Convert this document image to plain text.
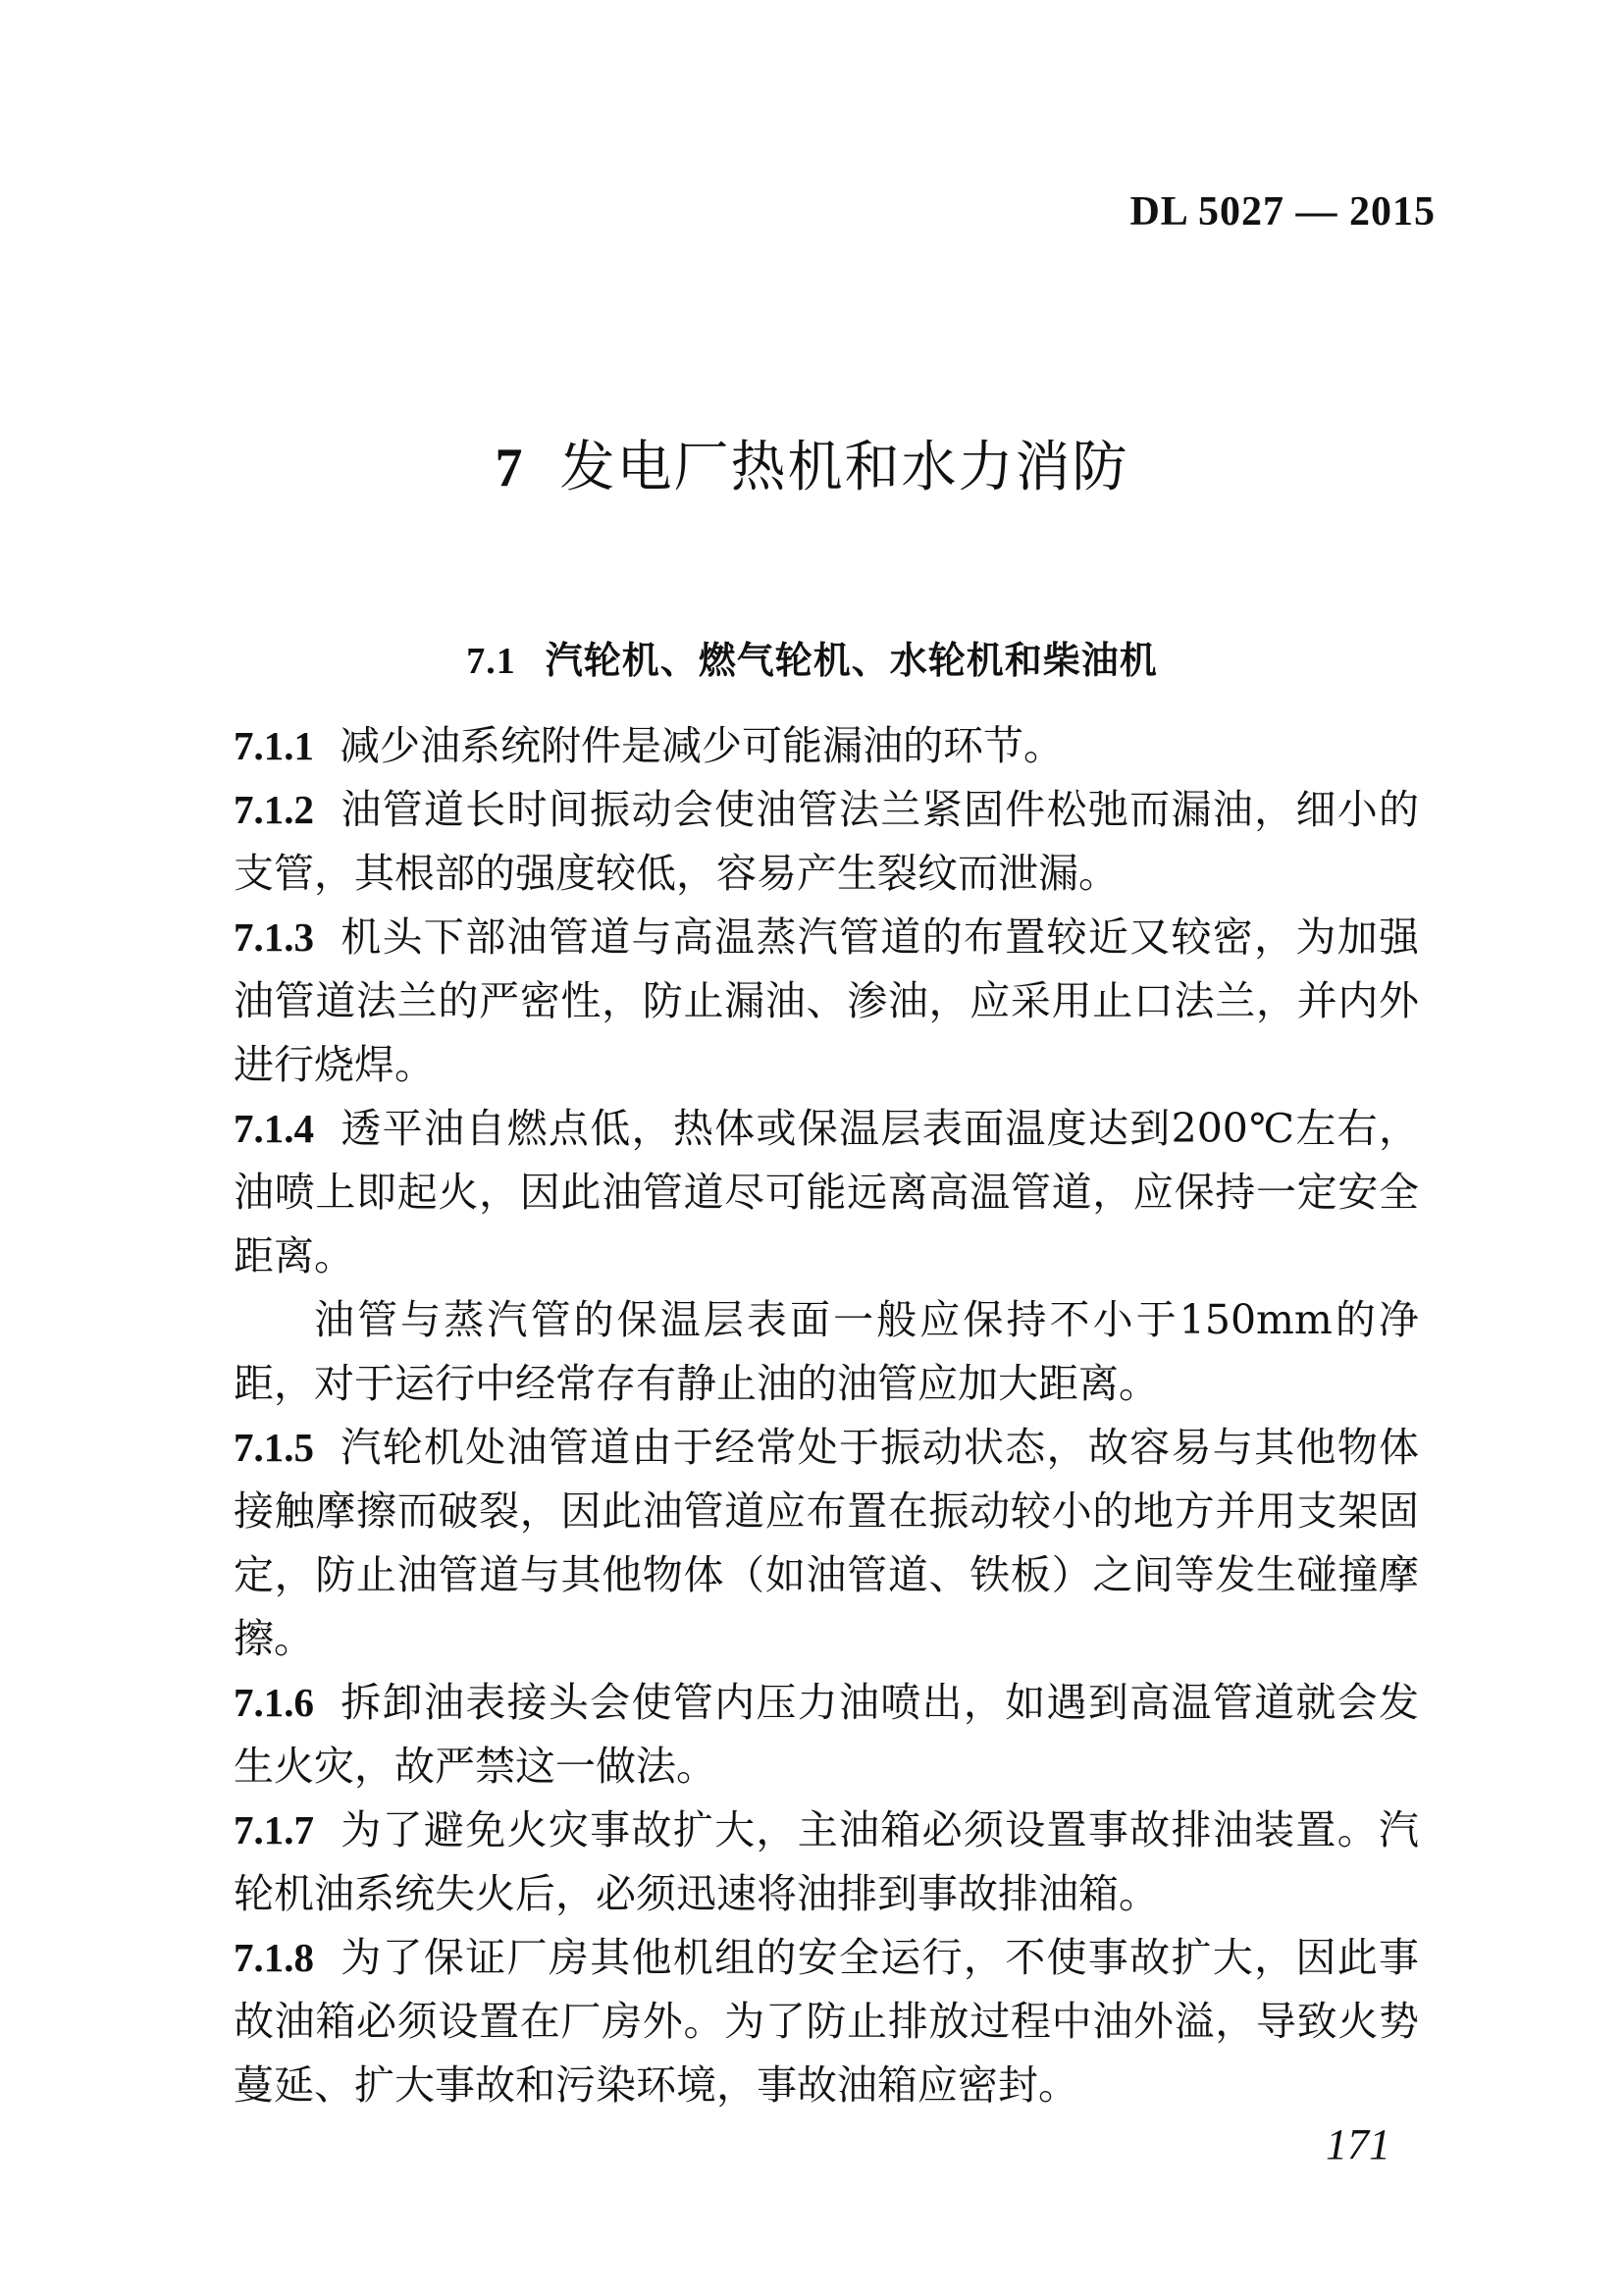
DL 5027 — 2015
7 发电厂热机和水力消防
7.1 汽轮机、燃气轮机、水轮机和柴油机

7.1.1 减少油系统附件是减少可能漏油的环节。

7.1.2 油管道长时间振动会使油管法兰紧固件松弛而漏油，细小的支管，其根部的强度较低，容易产生裂纹而泄漏。

7.1.3 机头下部油管道与高温蒸汽管道的布置较近又较密，为加强油管道法兰的严密性，防止漏油、渗油，应采用止口法兰，并内外进行烧焊。

7.1.4 透平油自燃点低，热体或保温层表面温度达到200℃左右，油喷上即起火，因此油管道尽可能远离高温管道，应保持一定安全距离。

油管与蒸汽管的保温层表面一般应保持不小于150mm的净距，对于运行中经常存有静止油的油管应加大距离。

7.1.5 汽轮机处油管道由于经常处于振动状态，故容易与其他物体接触摩擦而破裂，因此油管道应布置在振动较小的地方并用支架固定，防止油管道与其他物体（如油管道、铁板）之间等发生碰撞摩擦。

7.1.6 拆卸油表接头会使管内压力油喷出，如遇到高温管道就会发生火灾，故严禁这一做法。

7.1.7 为了避免火灾事故扩大，主油箱必须设置事故排油装置。汽轮机油系统失火后，必须迅速将油排到事故排油箱。

7.1.8 为了保证厂房其他机组的安全运行，不使事故扩大，因此事故油箱必须设置在厂房外。为了防止排放过程中油外溢，导致火势蔓延、扩大事故和污染环境，事故油箱应密封。

171
